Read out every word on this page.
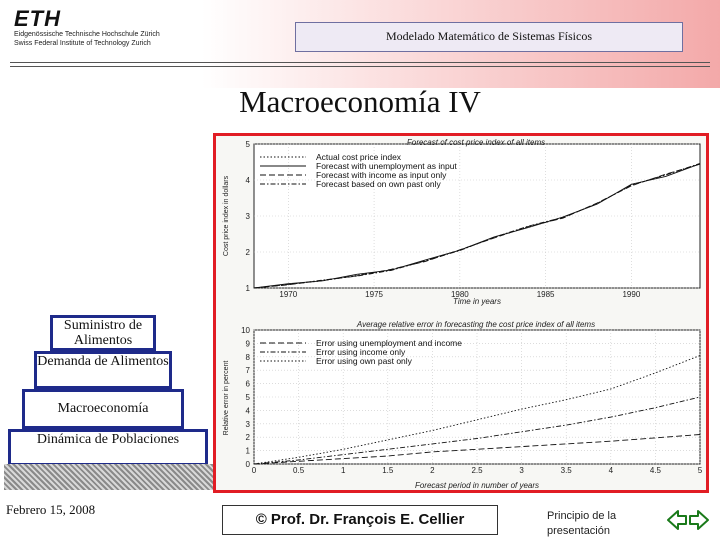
ETH
Eidgenössische Technische Hochschule Zürich
Swiss Federal Institute of Technology Zurich
Modelado Matemático de Sistemas Físicos
Macroeconomía IV
Forecast of cost price index of all items
Cost price index in dollars
Time in years
5
4
3
2
1
1970	1975	1980	1985	1990
Actual cost price index
Forecast with unemployment as input
Forecast with income as input only
Forecast based on own past only
Average relative error in forecasting the cost price index of all items
Relative error in percent
Forecast period in number of years
10
9
8
7
6
5
4
3
2
1
0
0	0.5	1	1.5	2	2.5	3	3.5	4	4.5	5
Error using unemployment and income
Error using income only
Error using own past only
Suministro de Alimentos
Demanda de Alimentos
Macroeconomía
Dinámica de Poblaciones
Febrero 15, 2008
© Prof. Dr. François E. Cellier	Principio de la presentación
